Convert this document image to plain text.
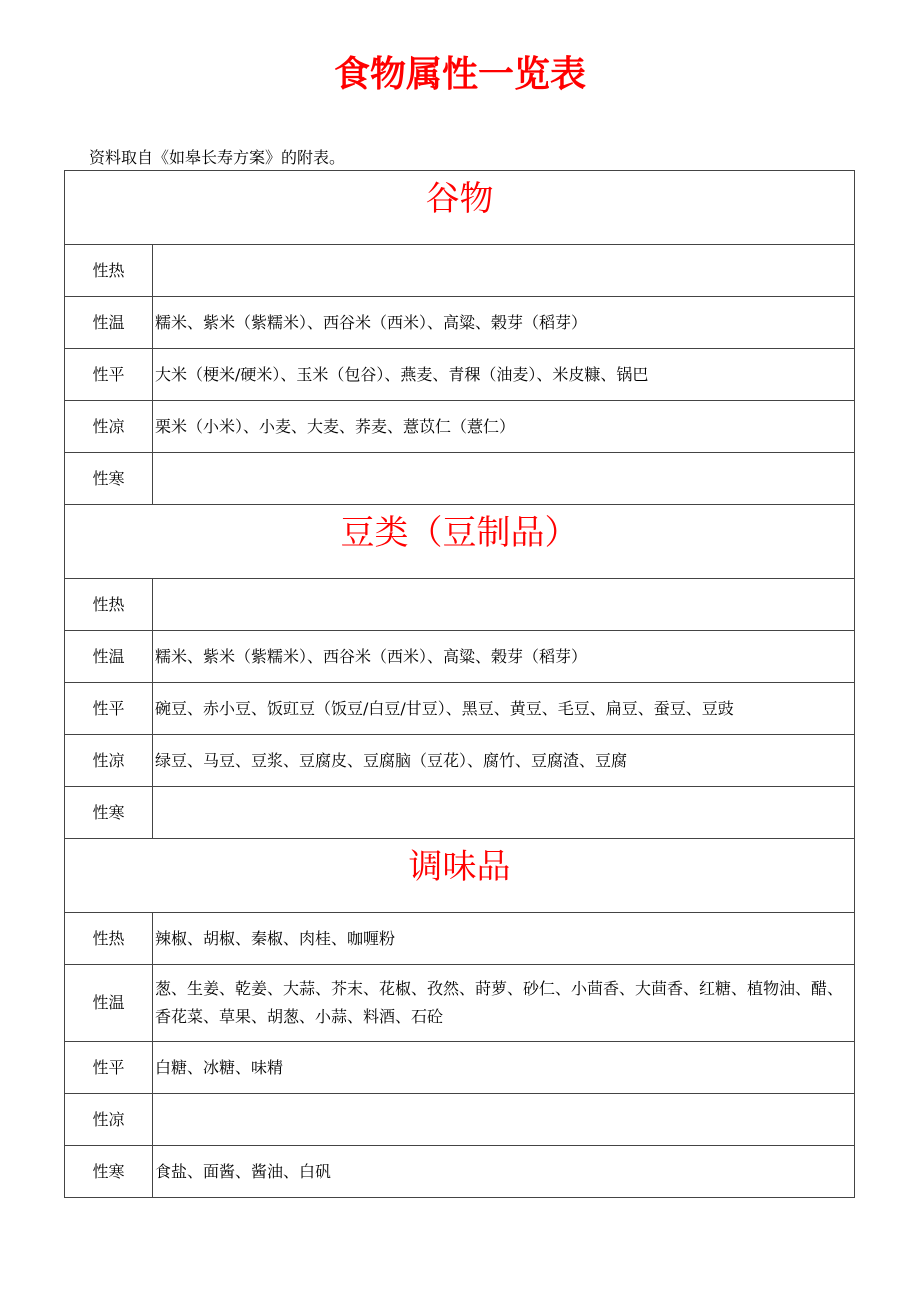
食物属性一览表
资料取自《如皋长寿方案》的附表。
谷物	
性热	
性温	糯米、紫米（紫糯米）、西谷米（西米）、高粱、榖芽（稻芽）
性平	大米（梗米/硬米）、玉米（包谷）、燕麦、青稞（油麦）、米皮糠、锅巴
性凉	栗米（小米）、小麦、大麦、荞麦、薏苡仁（薏仁）
性寒	
豆类（豆制品）	
性热	
性温	糯米、紫米（紫糯米）、西谷米（西米）、高粱、榖芽（稻芽）
性平	碗豆、赤小豆、饭豇豆（饭豆/白豆/甘豆）、黑豆、黄豆、毛豆、扁豆、蚕豆、豆豉
性凉	绿豆、马豆、豆浆、豆腐皮、豆腐脑（豆花）、腐竹、豆腐渣、豆腐
性寒	
调味品	
性热	辣椒、胡椒、秦椒、肉桂、咖喱粉
性温	葱、生姜、乾姜、大蒜、芥末、花椒、孜然、莳萝、砂仁、小茴香、大茴香、红糖、植物油、醋、香花菜、草果、胡葱、小蒜、料酒、石砼
性平	白糖、冰糖、味精
性凉	
性寒	食盐、面酱、酱油、白矾
